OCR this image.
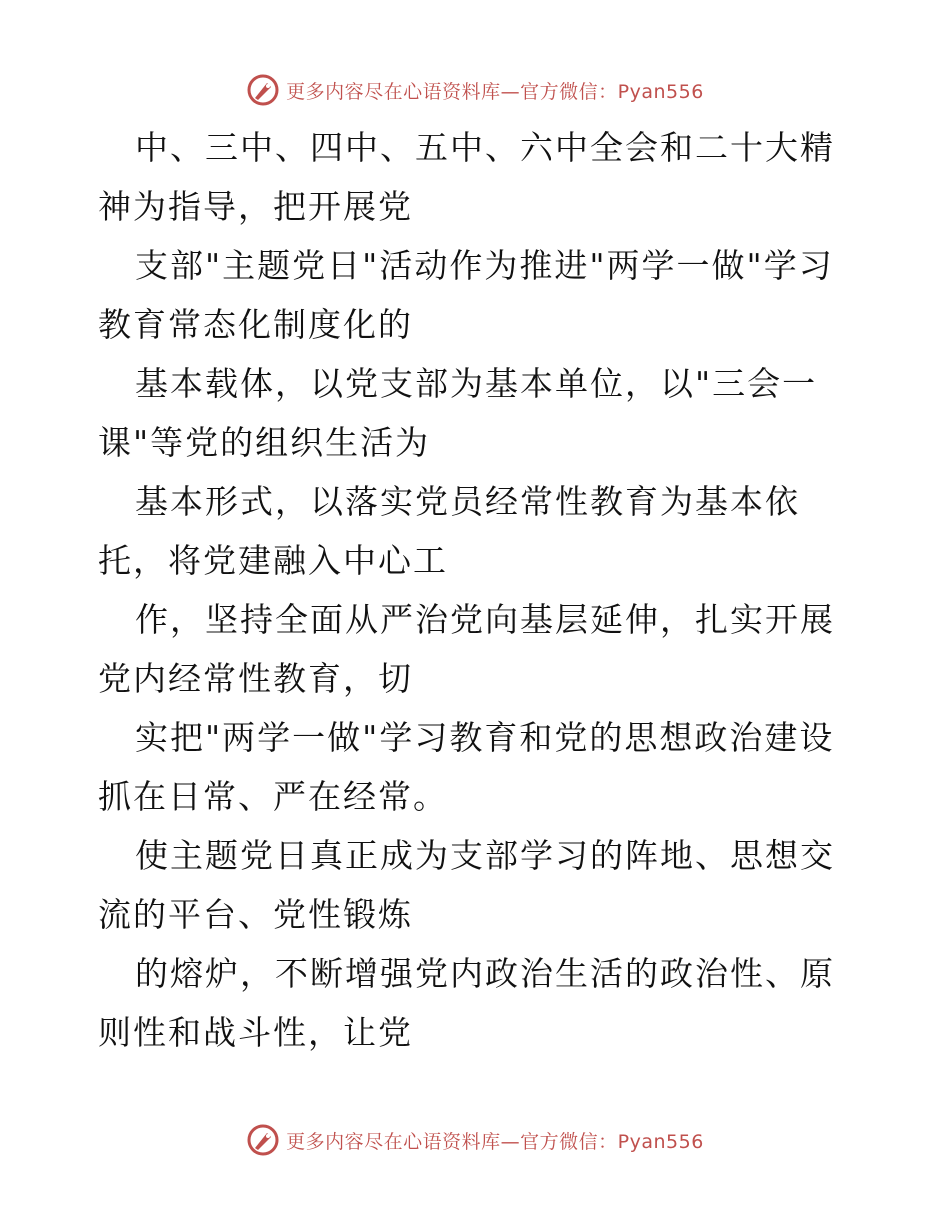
更多内容尽在心语资料库—官方微信：Pyan556

中、三中、四中、五中、六中全会和二十大精神为指导，把开展党

支部"主题党日"活动作为推进"两学一做"学习教育常态化制度化的

基本载体，以党支部为基本单位，以"三会一课"等党的组织生活为

基本形式，以落实党员经常性教育为基本依托，将党建融入中心工

作，坚持全面从严治党向基层延伸，扎实开展党内经常性教育，切

实把"两学一做"学习教育和党的思想政治建设抓在日常、严在经常。

使主题党日真正成为支部学习的阵地、思想交流的平台、党性锻炼

的熔炉，不断增强党内政治生活的政治性、原则性和战斗性，让党

更多内容尽在心语资料库—官方微信：Pyan556
